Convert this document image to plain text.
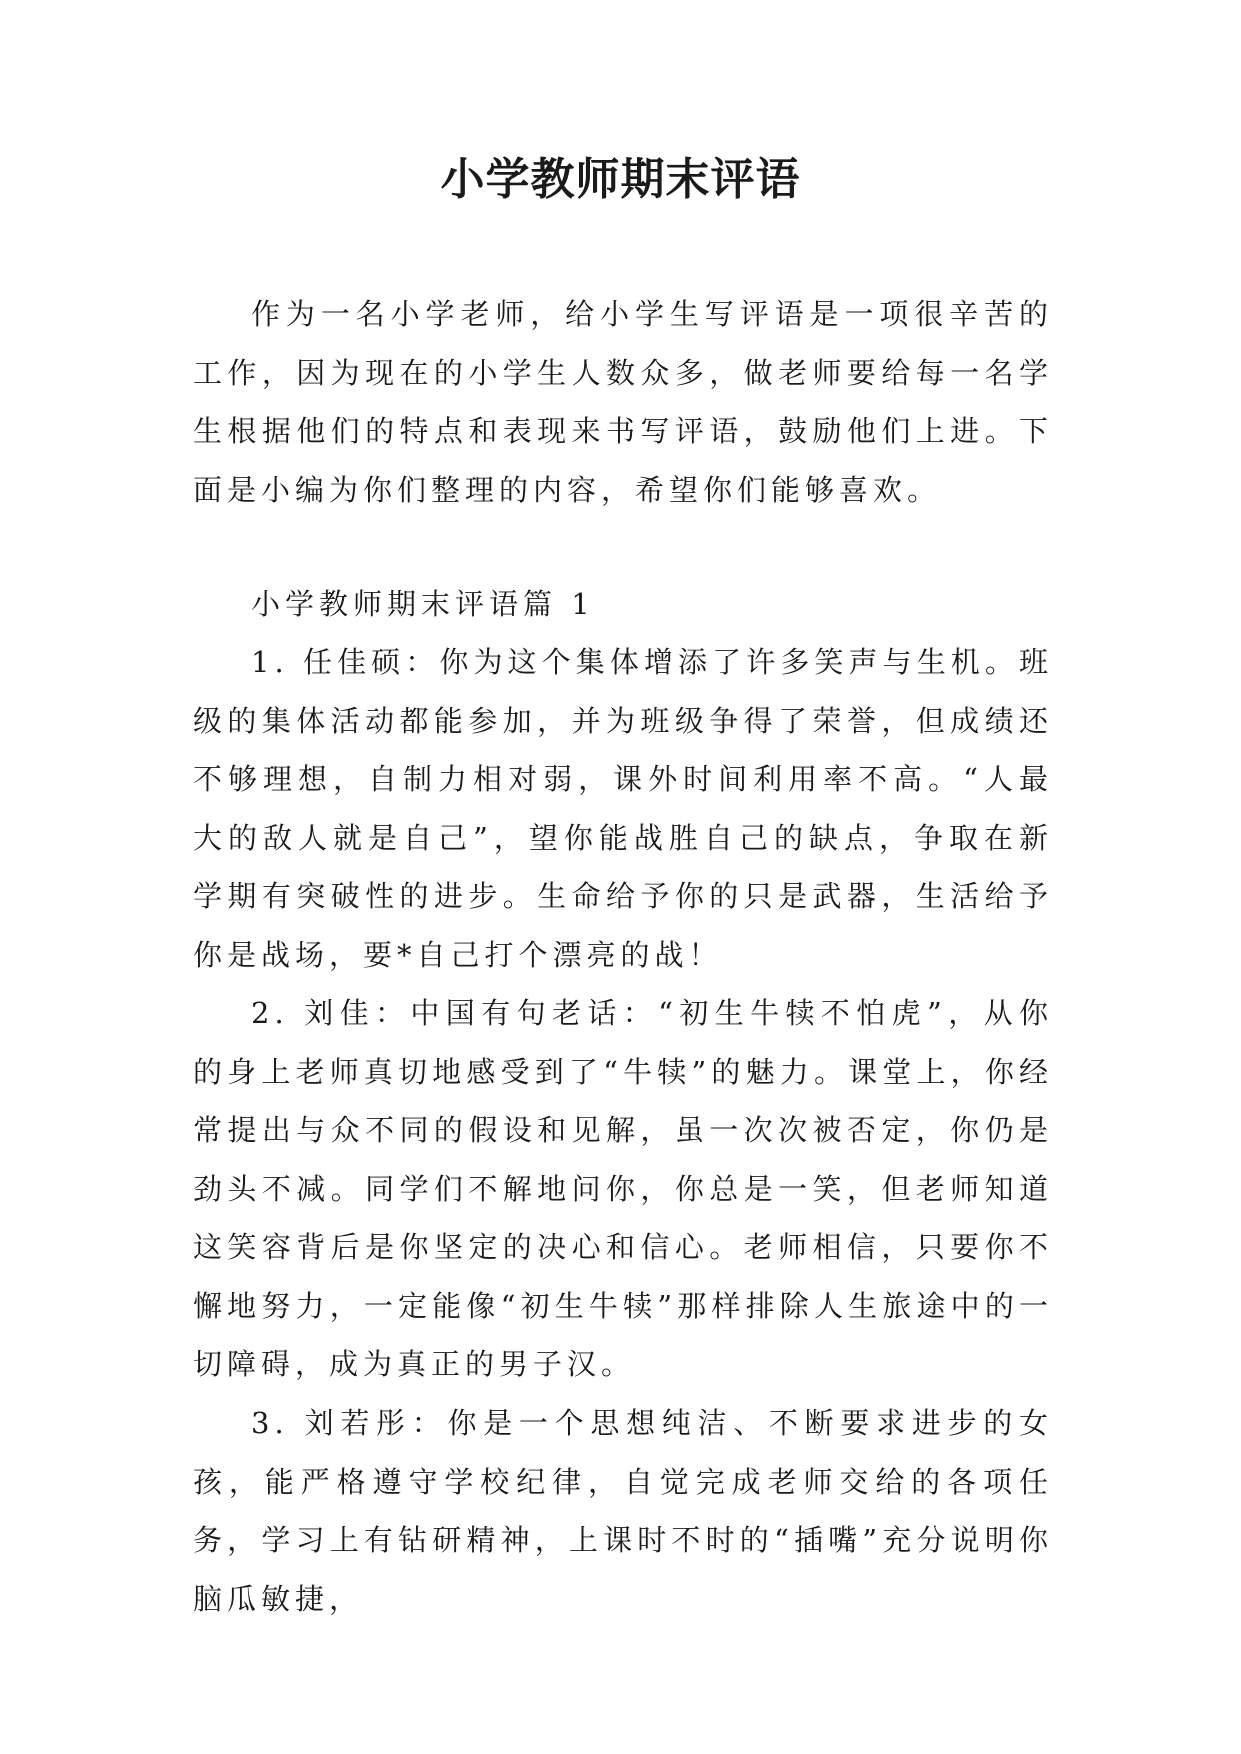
小学教师期末评语

作为一名小学老师，给小学生写评语是一项很辛苦的工作，因为现在的小学生人数众多，做老师要给每一名学生根据他们的特点和表现来书写评语，鼓励他们上进。下面是小编为你们整理的内容，希望你们能够喜欢。

小学教师期末评语篇 1

1. 任佳硕：你为这个集体增添了许多笑声与生机。班级的集体活动都能参加，并为班级争得了荣誉，但成绩还不够理想，自制力相对弱，课外时间利用率不高。“人最大的敌人就是自己”，望你能战胜自己的缺点，争取在新学期有突破性的进步。生命给予你的只是武器，生活给予你是战场，要*自己打个漂亮的战！

2. 刘佳：中国有句老话：“初生牛犊不怕虎”，从你的身上老师真切地感受到了“牛犊”的魅力。课堂上，你经常提出与众不同的假设和见解，虽一次次被否定，你仍是劲头不减。同学们不解地问你，你总是一笑，但老师知道这笑容背后是你坚定的决心和信心。老师相信，只要你不懈地努力，一定能像“初生牛犊”那样排除人生旅途中的一切障碍，成为真正的男子汉。

3. 刘若彤：你是一个思想纯洁、不断要求进步的女孩，能严格遵守学校纪律，自觉完成老师交给的各项任务，学习上有钻研精神，上课时不时的“插嘴”充分说明你脑瓜敏捷，
